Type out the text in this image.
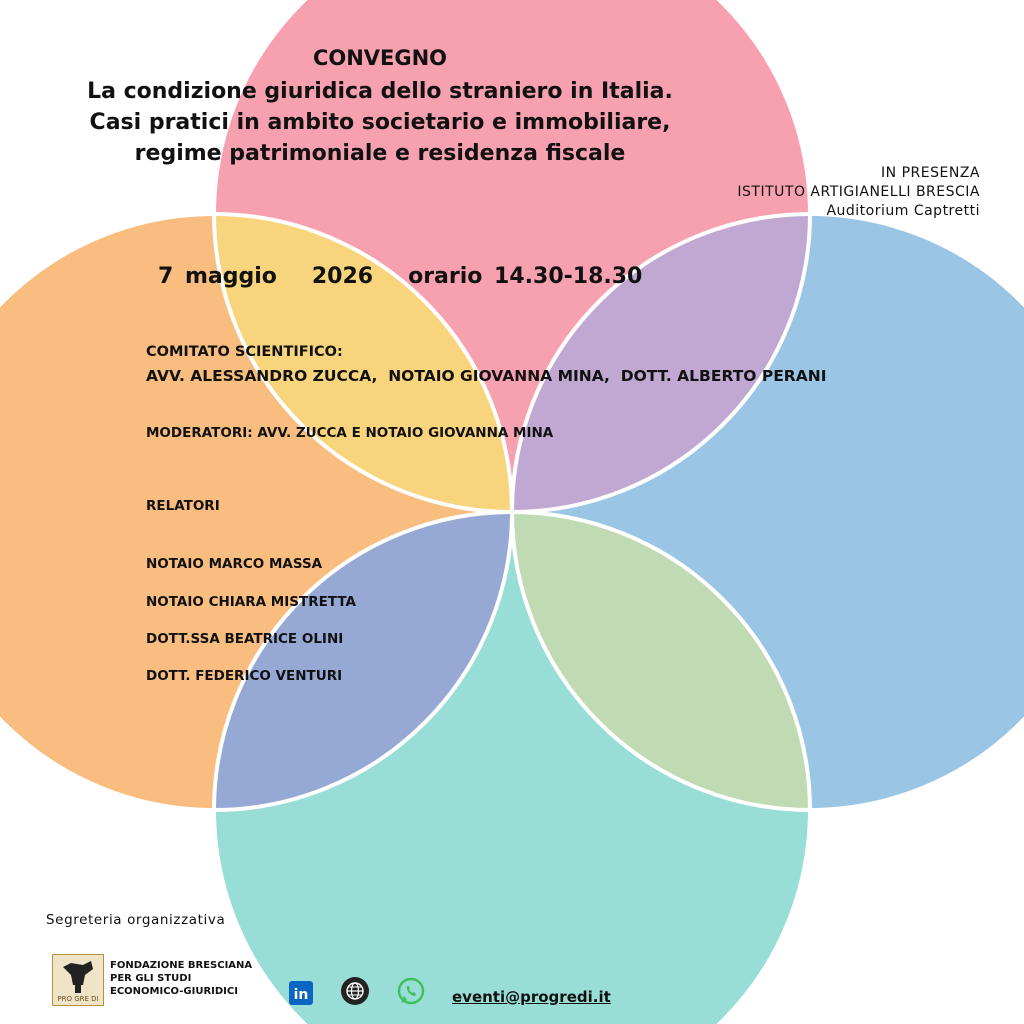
CONVEGNO
La condizione giuridica dello straniero in Italia.
Casi pratici in ambito societario e immobiliare,
regime patrimoniale e residenza fiscale
IN PRESENZA
ISTITUTO ARTIGIANELLI BRESCIA
Auditorium Captretti
7 maggio   2026   orario 14.30-18.30
COMITATO SCIENTIFICO:
AVV. ALESSANDRO ZUCCA,  NOTAIO GIOVANNA MINA,  DOTT. ALBERTO PERANI
MODERATORI: AVV. ZUCCA E NOTAIO GIOVANNA MINA
RELATORI
NOTAIO MARCO MASSA
NOTAIO CHIARA MISTRETTA
DOTT.SSA BEATRICE OLINI
DOTT. FEDERICO VENTURI
Segreteria organizzativa
PRO GRE DI
FONDAZIONE BRESCIANA
PER GLI STUDI
ECONOMICO-GIURIDICI	in	eventi@progredi.it
